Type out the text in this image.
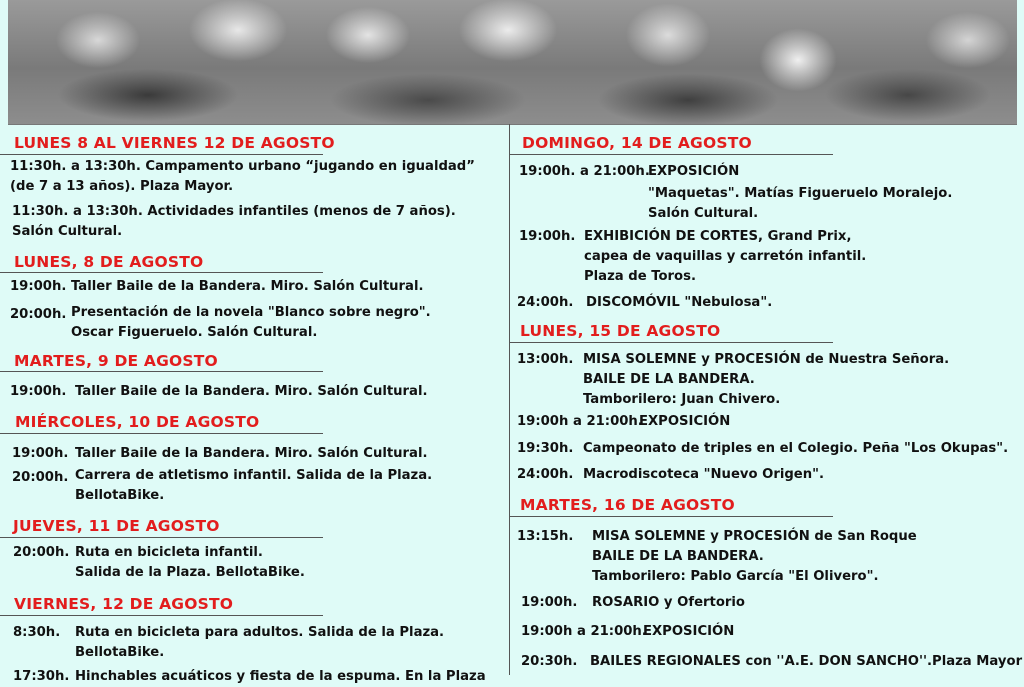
LUNES 8 AL VIERNES 12 DE AGOSTO
11:30h. a 13:30h. Campamento urbano “jugando en igualdad”
(de 7 a 13 años). Plaza Mayor.
11:30h. a 13:30h. Actividades infantiles (menos de 7 años).
Salón Cultural.
LUNES, 8 DE AGOSTO
19:00h. Taller Baile de la Bandera. Miro. Salón Cultural.
20:00h. Presentación de la novela "Blanco sobre negro".
Oscar Figueruelo. Salón Cultural.
MARTES, 9 DE AGOSTO
19:00h. Taller Baile de la Bandera. Miro. Salón Cultural.
MIÉRCOLES, 10 DE AGOSTO
19:00h. Taller Baile de la Bandera. Miro. Salón Cultural.
20:00h. Carrera de atletismo infantil. Salida de la Plaza.
BellotaBike.
JUEVES, 11 DE AGOSTO
20:00h. Ruta en bicicleta infantil.
Salida de la Plaza. BellotaBike.
VIERNES, 12 DE AGOSTO
8:30h. Ruta en bicicleta para adultos. Salida de la Plaza.
BellotaBike.
17:30h. Hinchables acuáticos y fiesta de la espuma. En la Plaza
DOMINGO, 14 DE AGOSTO
19:00h. a 21:00h.
EXPOSICIÓN
"Maquetas". Matías Figueruelo Moralejo.
Salón Cultural.
19:00h. EXHIBICIÓN DE CORTES, Grand Prix,
capea de vaquillas y carretón infantil.
Plaza de Toros.
24:00h. DISCOMÓVIL "Nebulosa".
LUNES, 15 DE AGOSTO
13:00h. MISA SOLEMNE y PROCESIÓN de Nuestra Señora.
BAILE DE LA BANDERA.
Tamborilero: Juan Chivero.
19:00h a 21:00h.
EXPOSICIÓN
19:30h. Campeonato de triples en el Colegio. Peña "Los Okupas".
24:00h. Macrodiscoteca "Nuevo Origen".
MARTES, 16 DE AGOSTO
13:15h. MISA SOLEMNE y PROCESIÓN de San Roque
BAILE DE LA BANDERA.
Tamborilero: Pablo García "El Olivero".
19:00h. ROSARIO y Ofertorio
19:00h a 21:00h.
EXPOSICIÓN
20:30h. BAILES REGIONALES con ''A.E. DON SANCHO''.Plaza Mayor
